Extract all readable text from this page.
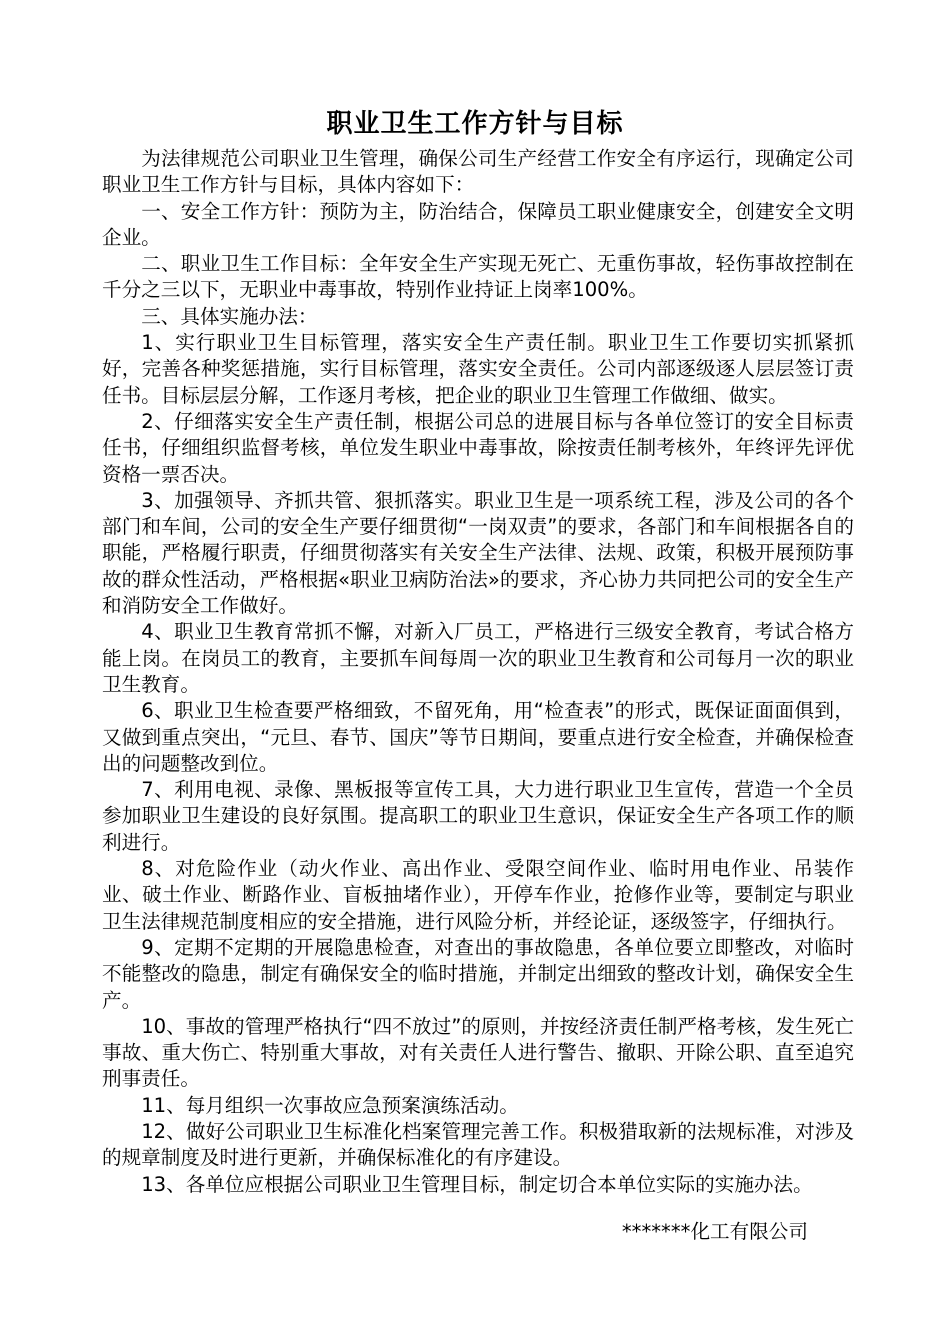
职业卫生工作方针与目标

为法律规范公司职业卫生管理，确保公司生产经营工作安全有序运行，现确定公司职业卫生工作方针与目标，具体内容如下：

一、安全工作方针：预防为主，防治结合，保障员工职业健康安全，创建安全文明企业。

二、职业卫生工作目标：全年安全生产实现无死亡、无重伤事故，轻伤事故控制在千分之三以下，无职业中毒事故，特别作业持证上岗率100%。

三、具体实施办法：

1、实行职业卫生目标管理，落实安全生产责任制。职业卫生工作要切实抓紧抓好，完善各种奖惩措施，实行目标管理，落实安全责任。公司内部逐级逐人层层签订责任书。目标层层分解，工作逐月考核，把企业的职业卫生管理工作做细、做实。

2、仔细落实安全生产责任制，根据公司总的进展目标与各单位签订的安全目标责任书，仔细组织监督考核，单位发生职业中毒事故，除按责任制考核外，年终评先评优资格一票否决。

3、加强领导、齐抓共管、狠抓落实。职业卫生是一项系统工程，涉及公司的各个部门和车间，公司的安全生产要仔细贯彻“一岗双责”的要求，各部门和车间根据各自的职能，严格履行职责，仔细贯彻落实有关安全生产法律、法规、政策，积极开展预防事故的群众性活动，严格根据«职业卫病防治法»的要求，齐心协力共同把公司的安全生产和消防安全工作做好。

4、职业卫生教育常抓不懈，对新入厂员工，严格进行三级安全教育，考试合格方能上岗。在岗员工的教育，主要抓车间每周一次的职业卫生教育和公司每月一次的职业卫生教育。

6、职业卫生检查要严格细致，不留死角，用“检查表”的形式，既保证面面俱到，又做到重点突出，“元旦、春节、国庆”等节日期间，要重点进行安全检查，并确保检查出的问题整改到位。

7、利用电视、录像、黑板报等宣传工具，大力进行职业卫生宣传，营造一个全员参加职业卫生建设的良好氛围。提高职工的职业卫生意识，保证安全生产各项工作的顺利进行。

8、对危险作业（动火作业、高出作业、受限空间作业、临时用电作业、吊装作业、破土作业、断路作业、盲板抽堵作业），开停车作业，抢修作业等，要制定与职业卫生法律规范制度相应的安全措施，进行风险分析，并经论证，逐级签字，仔细执行。

9、定期不定期的开展隐患检查，对查出的事故隐患，各单位要立即整改，对临时不能整改的隐患，制定有确保安全的临时措施，并制定出细致的整改计划，确保安全生产。

10、事故的管理严格执行“四不放过”的原则，并按经济责任制严格考核，发生死亡事故、重大伤亡、特别重大事故，对有关责任人进行警告、撤职、开除公职、直至追究刑事责任。

11、每月组织一次事故应急预案演练活动。

12、做好公司职业卫生标准化档案管理完善工作。积极猎取新的法规标准，对涉及的规章制度及时进行更新，并确保标准化的有序建设。

13、各单位应根据公司职业卫生管理目标，制定切合本单位实际的实施办法。

*******化工有限公司
